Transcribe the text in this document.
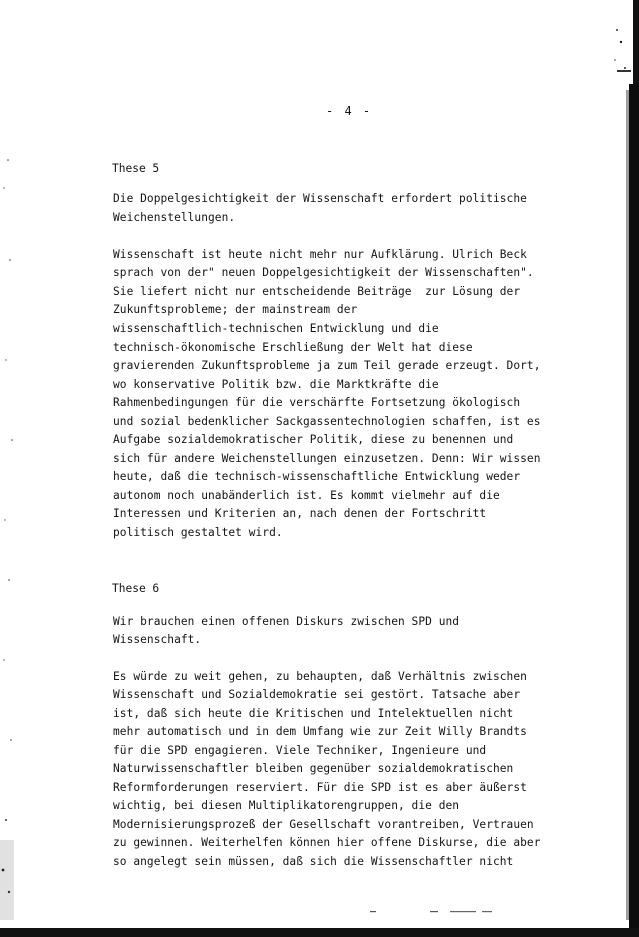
- 4 -
These 5
Die Doppelgesichtigkeit der Wissenschaft erfordert politische
Weichenstellungen.
Wissenschaft ist heute nicht mehr nur Aufklärung. Ulrich Beck
sprach von der" neuen Doppelgesichtigkeit der Wissenschaften".
Sie liefert nicht nur entscheidende Beiträge  zur Lösung der
Zukunftsprobleme; der mainstream der
wissenschaftlich-technischen Entwicklung und die
technisch-ökonomische Erschließung der Welt hat diese
gravierenden Zukunftsprobleme ja zum Teil gerade erzeugt. Dort,
wo konservative Politik bzw. die Marktkräfte die
Rahmenbedingungen für die verschärfte Fortsetzung ökologisch
und sozial bedenklicher Sackgassentechnologien schaffen, ist es
Aufgabe sozialdemokratischer Politik, diese zu benennen und
sich für andere Weichenstellungen einzusetzen. Denn: Wir wissen
heute, daß die technisch-wissenschaftliche Entwicklung weder
autonom noch unabänderlich ist. Es kommt vielmehr auf die
Interessen und Kriterien an, nach denen der Fortschritt
politisch gestaltet wird.
These 6
Wir brauchen einen offenen Diskurs zwischen SPD und
Wissenschaft.
Es würde zu weit gehen, zu behaupten, daß Verhältnis zwischen
Wissenschaft und Sozialdemokratie sei gestört. Tatsache aber
ist, daß sich heute die Kritischen und Intelektuellen nicht
mehr automatisch und in dem Umfang wie zur Zeit Willy Brandts
für die SPD engagieren. Viele Techniker, Ingenieure und
Naturwissenschaftler bleiben gegenüber sozialdemokratischen
Reformforderungen reserviert. Für die SPD ist es aber äußerst
wichtig, bei diesen Multiplikatorengruppen, die den
Modernisierungsprozeß der Gesellschaft vorantreiben, Vertrauen
zu gewinnen. Weiterhelfen können hier offene Diskurse, die aber
so angelegt sein müssen, daß sich die Wissenschaftler nicht
